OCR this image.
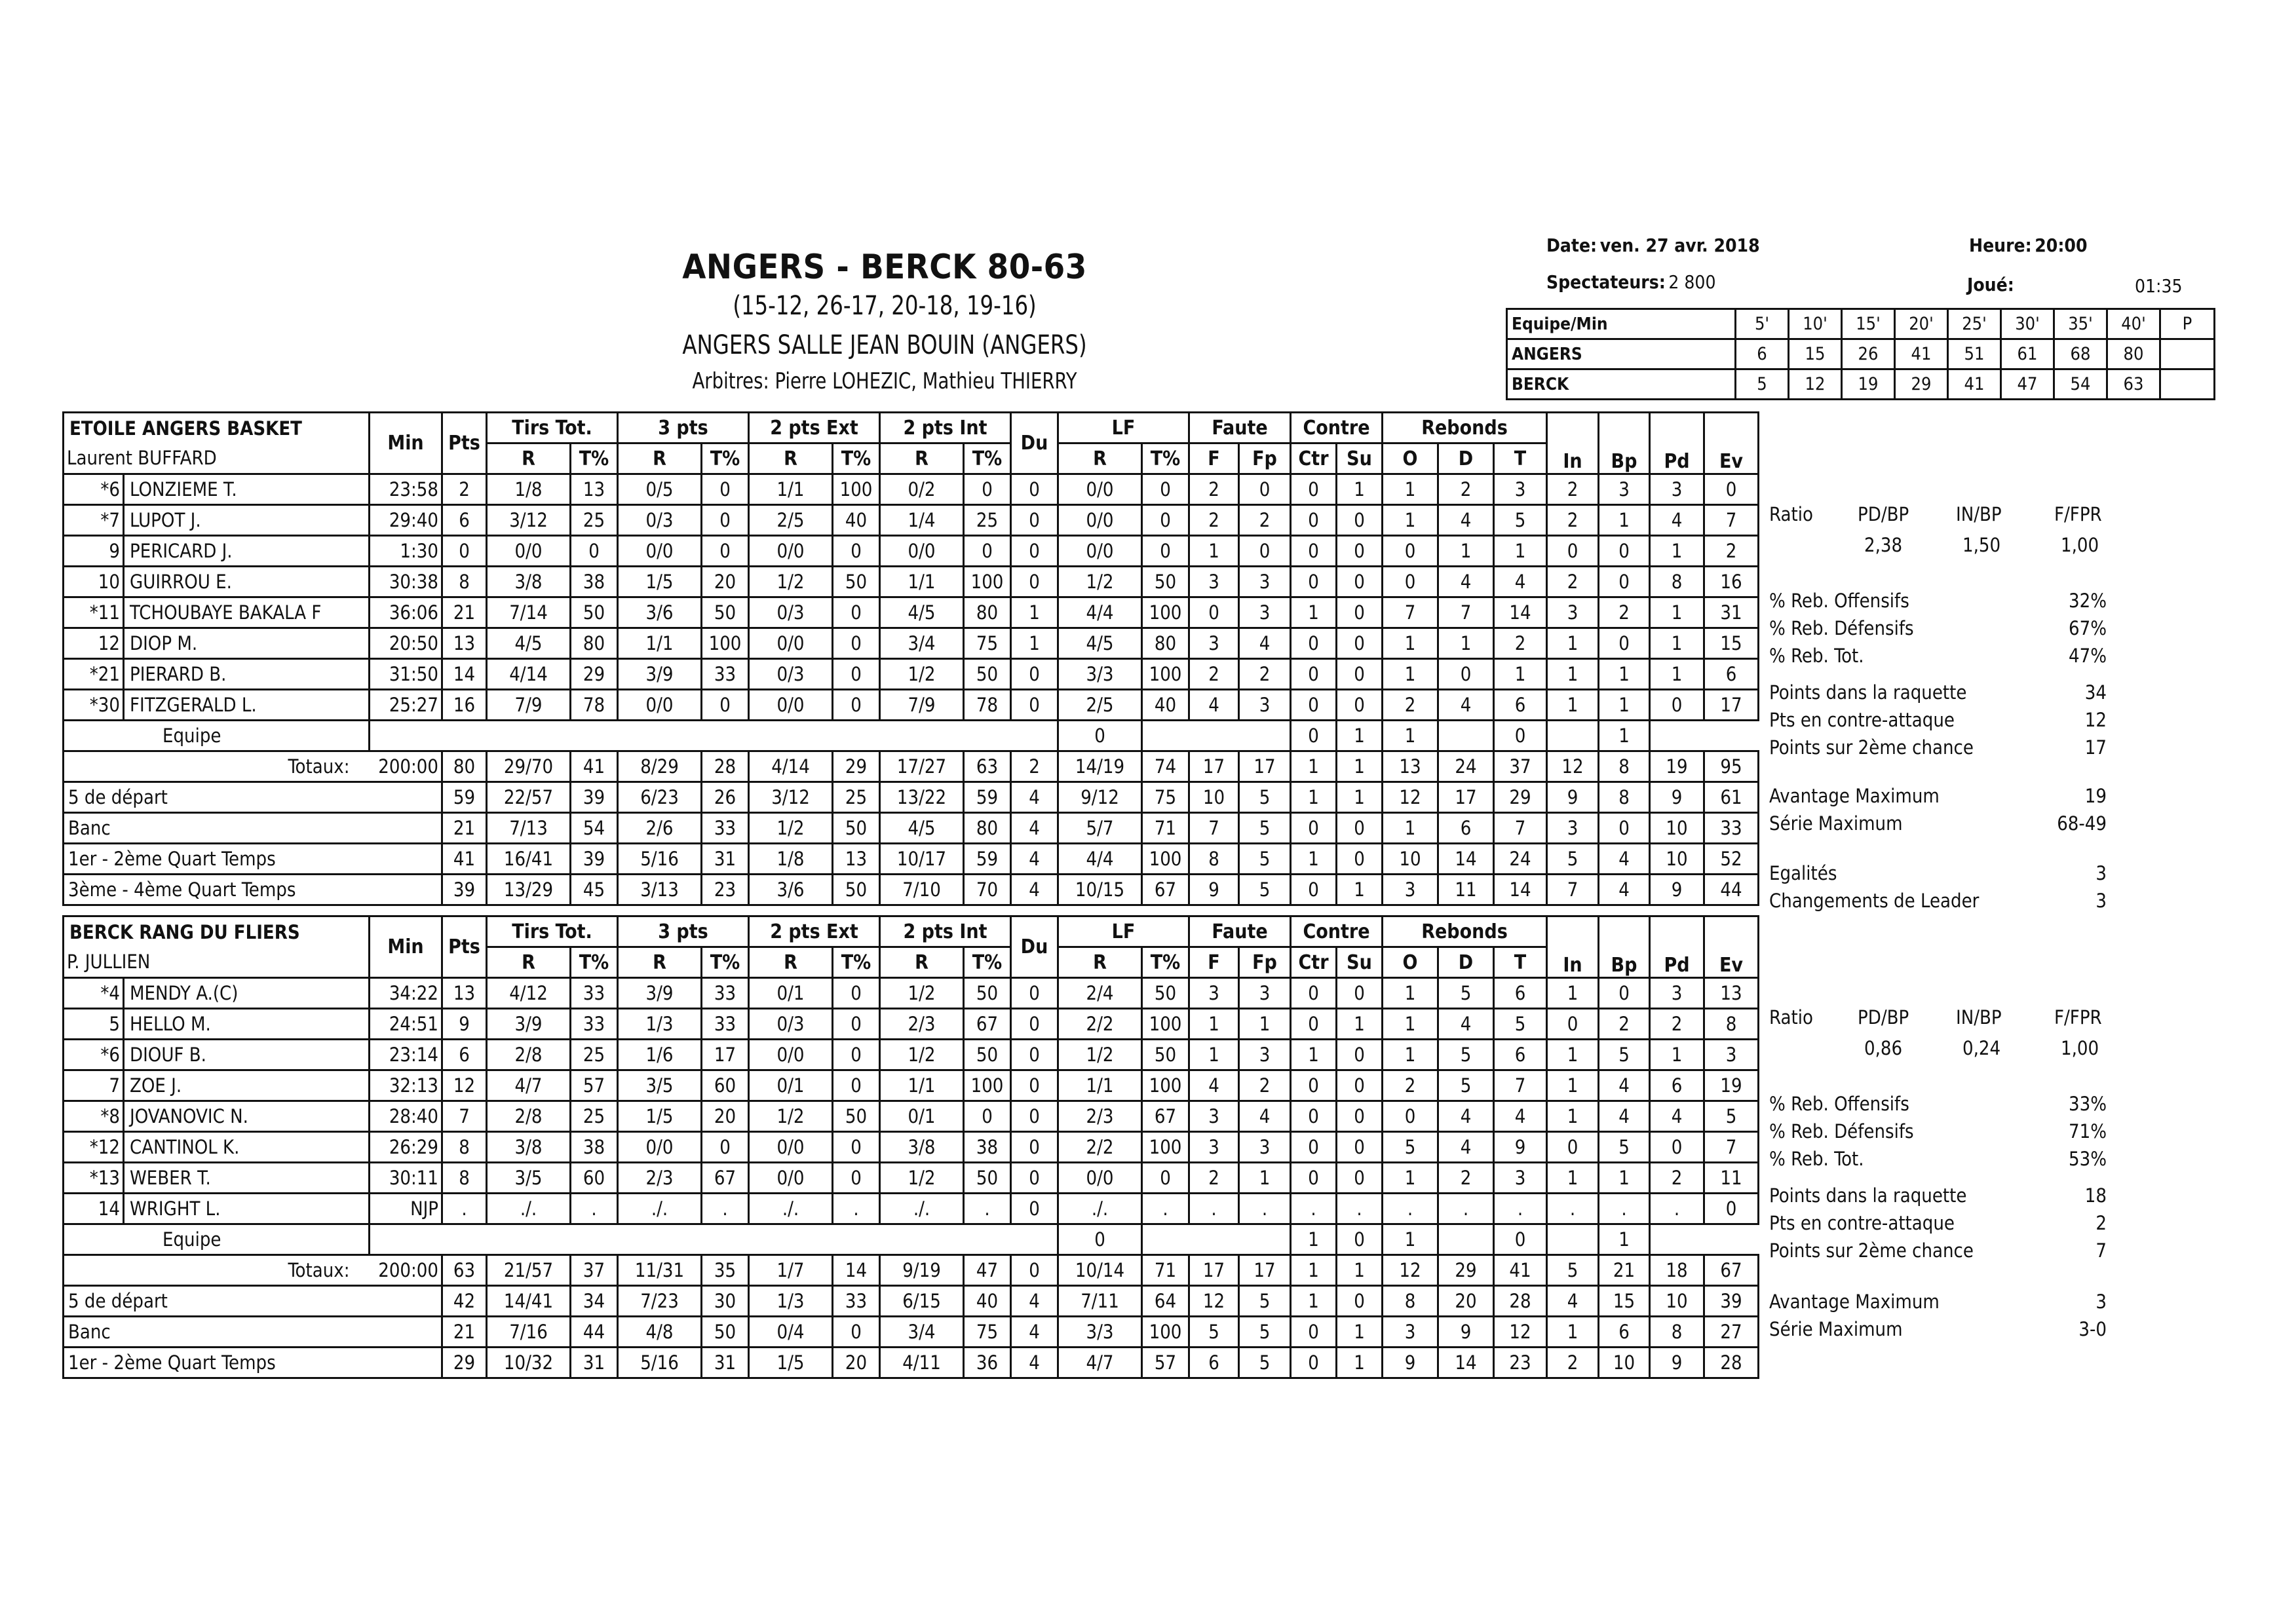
ANGERS - BERCK 80-63
(15-12, 26-17, 20-18, 19-16)
ANGERS SALLE JEAN BOUIN (ANGERS)
Arbitres: Pierre LOHEZIC, Mathieu THIERRY
Date: ven. 27 avr. 2018	Heure: 20:00
Spectateurs: 2 800	Joué:	01:35
Equipe/Min	5'	10'	15'	20'	25'	30'	35'	40'	P
ANGERS	6	15	26	41	51	61	68	80	
BERCK	5	12	19	29	41	47	54	63	
ETOILE ANGERS BASKET		Min	Pts	Tirs Tot.		3 pts		2 pts Ext		2 pts Int		Du	LF		Faute		Contre		Rebonds			In	Bp	Pd	Ev
Laurent BUFFARD				R	T%	R	T%	R	T%	R	T%		R	T%	F	Fp	Ctr	Su	O	D	T				
*6	LONZIEME T.	23:58	2	1/8	13	0/5	0	1/1	100	0/2	0	0	0/0	0	2	0	0	1	1	2	3	2	3	3	0
*7	LUPOT J.	29:40	6	3/12	25	0/3	0	2/5	40	1/4	25	0	0/0	0	2	2	0	0	1	4	5	2	1	4	7
9	PERICARD J.	1:30	0	0/0	0	0/0	0	0/0	0	0/0	0	0	0/0	0	1	0	0	0	0	1	1	0	0	1	2
10	GUIRROU E.	30:38	8	3/8	38	1/5	20	1/2	50	1/1	100	0	1/2	50	3	3	0	0	0	4	4	2	0	8	16
*11	TCHOUBAYE BAKALA F	36:06	21	7/14	50	3/6	50	0/3	0	4/5	80	1	4/4	100	0	3	1	0	7	7	14	3	2	1	31
12	DIOP M.	20:50	13	4/5	80	1/1	100	0/0	0	3/4	75	1	4/5	80	3	4	0	0	1	1	2	1	0	1	15
*21	PIERARD B.	31:50	14	4/14	29	3/9	33	0/3	0	1/2	50	0	3/3	100	2	2	0	0	1	0	1	1	1	1	6
*30	FITZGERALD L.	25:27	16	7/9	78	0/0	0	0/0	0	7/9	78	0	2/5	40	4	3	0	0	2	4	6	1	1	0	17
Equipe													0				0	1	1		0		1		
Totaux:		200:00	80	29/70	41	8/29	28	4/14	29	17/27	63	2	14/19	74	17	17	1	1	13	24	37	12	8	19	95
5 de départ			59	22/57	39	6/23	26	3/12	25	13/22	59	4	9/12	75	10	5	1	1	12	17	29	9	8	9	61
Banc			21	7/13	54	2/6	33	1/2	50	4/5	80	4	5/7	71	7	5	0	0	1	6	7	3	0	10	33
1er - 2ème Quart Temps			41	16/41	39	5/16	31	1/8	13	10/17	59	4	4/4	100	8	5	1	0	10	14	24	5	4	10	52
3ème - 4ème Quart Temps			39	13/29	45	3/13	23	3/6	50	7/10	70	4	10/15	67	9	5	0	1	3	11	14	7	4	9	44
BERCK RANG DU FLIERS		Min	Pts	Tirs Tot.		3 pts		2 pts Ext		2 pts Int		Du	LF		Faute		Contre		Rebonds			In	Bp	Pd	Ev
P. JULLIEN				R	T%	R	T%	R	T%	R	T%		R	T%	F	Fp	Ctr	Su	O	D	T				
*4	MENDY A.(C)	34:22	13	4/12	33	3/9	33	0/1	0	1/2	50	0	2/4	50	3	3	0	0	1	5	6	1	0	3	13
5	HELLO M.	24:51	9	3/9	33	1/3	33	0/3	0	2/3	67	0	2/2	100	1	1	0	1	1	4	5	0	2	2	8
*6	DIOUF B.	23:14	6	2/8	25	1/6	17	0/0	0	1/2	50	0	1/2	50	1	3	1	0	1	5	6	1	5	1	3
7	ZOE J.	32:13	12	4/7	57	3/5	60	0/1	0	1/1	100	0	1/1	100	4	2	0	0	2	5	7	1	4	6	19
*8	JOVANOVIC N.	28:40	7	2/8	25	1/5	20	1/2	50	0/1	0	0	2/3	67	3	4	0	0	0	4	4	1	4	4	5
*12	CANTINOL K.	26:29	8	3/8	38	0/0	0	0/0	0	3/8	38	0	2/2	100	3	3	0	0	5	4	9	0	5	0	7
*13	WEBER T.	30:11	8	3/5	60	2/3	67	0/0	0	1/2	50	0	0/0	0	2	1	0	0	1	2	3	1	1	2	11
14	WRIGHT L.	NJP	.	./.	.	./.	.	./.	.	./.	.	0	./.	.	.	.	.	.	.	.	.	.	.	.	0
Equipe													0				1	0	1		0		1		
Totaux:		200:00	63	21/57	37	11/31	35	1/7	14	9/19	47	0	10/14	71	17	17	1	1	12	29	41	5	21	18	67
5 de départ			42	14/41	34	7/23	30	1/3	33	6/15	40	4	7/11	64	12	5	1	0	8	20	28	4	15	10	39
Banc			21	7/16	44	4/8	50	0/4	0	3/4	75	4	3/3	100	5	5	0	1	3	9	12	1	6	8	27
1er - 2ème Quart Temps			29	10/32	31	5/16	31	1/5	20	4/11	36	4	4/7	57	6	5	0	1	9	14	23	2	10	9	28
Ratio PD/BP
2,38
IN/BP
1,50
F/FPR
1,00
% Reb. Offensifs	32%
% Reb. Défensifs	67%
% Reb. Tot.	47%
Points dans la raquette	34
Pts en contre-attaque	12
Points sur 2ème chance	17
Avantage Maximum	19
Série Maximum	68-49
Egalités	3
Changements de Leader	3
Ratio PD/BP
0,86
IN/BP
0,24
F/FPR
1,00
% Reb. Offensifs	33%
% Reb. Défensifs	71%
% Reb. Tot.	53%
Points dans la raquette	18
Pts en contre-attaque	2
Points sur 2ème chance	7
Avantage Maximum	3
Série Maximum	3-0
